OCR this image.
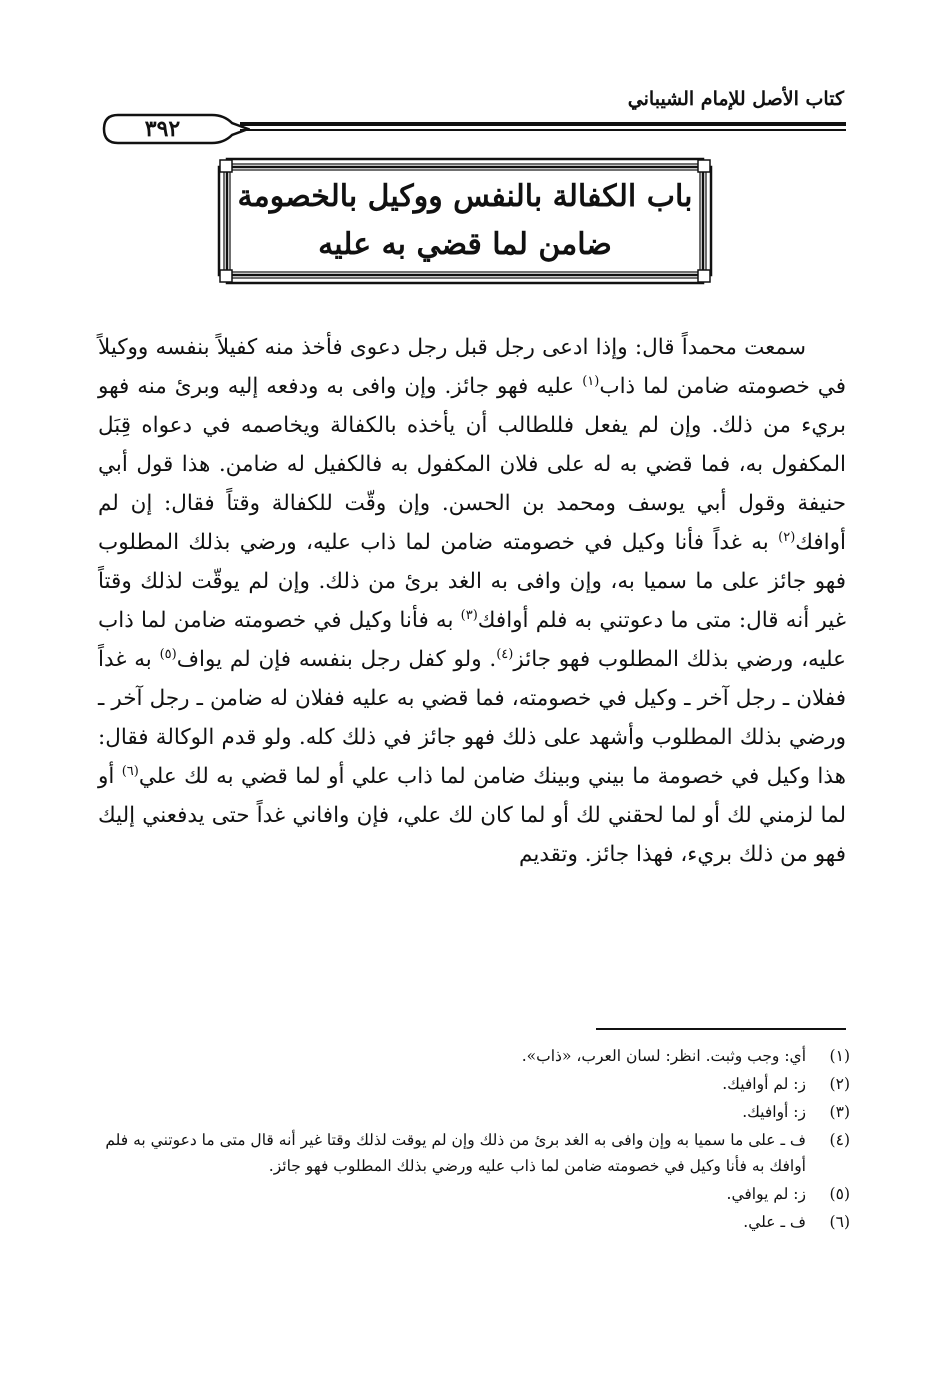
كتاب الأصل للإمام الشيباني
٣٩٢
باب الكفالة بالنفس ووكيل بالخصومة
ضامن لما قضي به عليه

سمعت محمداً قال: وإذا ادعى رجل قبل رجل دعوى فأخذ منه كفيلاً بنفسه ووكيلاً في خصومته ضامن لما ذاب$^{(١)}$ عليه فهو جائز. وإن وافى به ودفعه إليه وبرئ منه فهو بريء من ذلك. وإن لم يفعل فللطالب أن يأخذه بالكفالة ويخاصمه في دعواه قِبَل المكفول به، فما قضي به له على فلان المكفول به فالكفيل له ضامن. هذا قول أبي حنيفة وقول أبي يوسف ومحمد بن الحسن. وإن وقّت للكفالة وقتاً فقال: إن لم أوافك$^{(٢)}$ به غداً فأنا وكيل في خصومته ضامن لما ذاب عليه، ورضي بذلك المطلوب فهو جائز على ما سميا به، وإن وافى به الغد برئ من ذلك. وإن لم يوقّت لذلك وقتاً غير أنه قال: متى ما دعوتني به فلم أوافك$^{(٣)}$ به فأنا وكيل في خصومته ضامن لما ذاب عليه، ورضي بذلك المطلوب فهو جائز$^{(٤)}$. ولو كفل رجل بنفسه فإن لم يواف$^{(٥)}$ به غداً ففلان ـ رجل آخر ـ وكيل في خصومته، فما قضي به عليه ففلان له ضامن ـ رجل آخر ـ ورضي بذلك المطلوب وأشهد على ذلك فهو جائز في ذلك كله. ولو قدم الوكالة فقال: هذا وكيل في خصومة ما بيني وبينك ضامن لما ذاب علي أو لما قضي به لك علي$^{(٦)}$ أو لما لزمني لك أو لما لحقني لك أو لما كان لك علي، فإن وافاني غداً حتى يدفعني إليك فهو من ذلك بريء، فهذا جائز. وتقديم

(١)
أي: وجب وثبت. انظر: لسان العرب، «ذاب».
(٢)
ز: لم أوافيك.
(٣)
ز: أوافيك.
(٤)
ف ـ على ما سميا به وإن وافى به الغد برئ من ذلك وإن لم يوقت لذلك وقتا غير أنه قال متى ما دعوتني به فلم أوافك به فأنا وكيل في خصومته ضامن لما ذاب عليه ورضي بذلك المطلوب فهو جائز.
(٥)
ز: لم يوافي.
(٦)
ف ـ علي.
